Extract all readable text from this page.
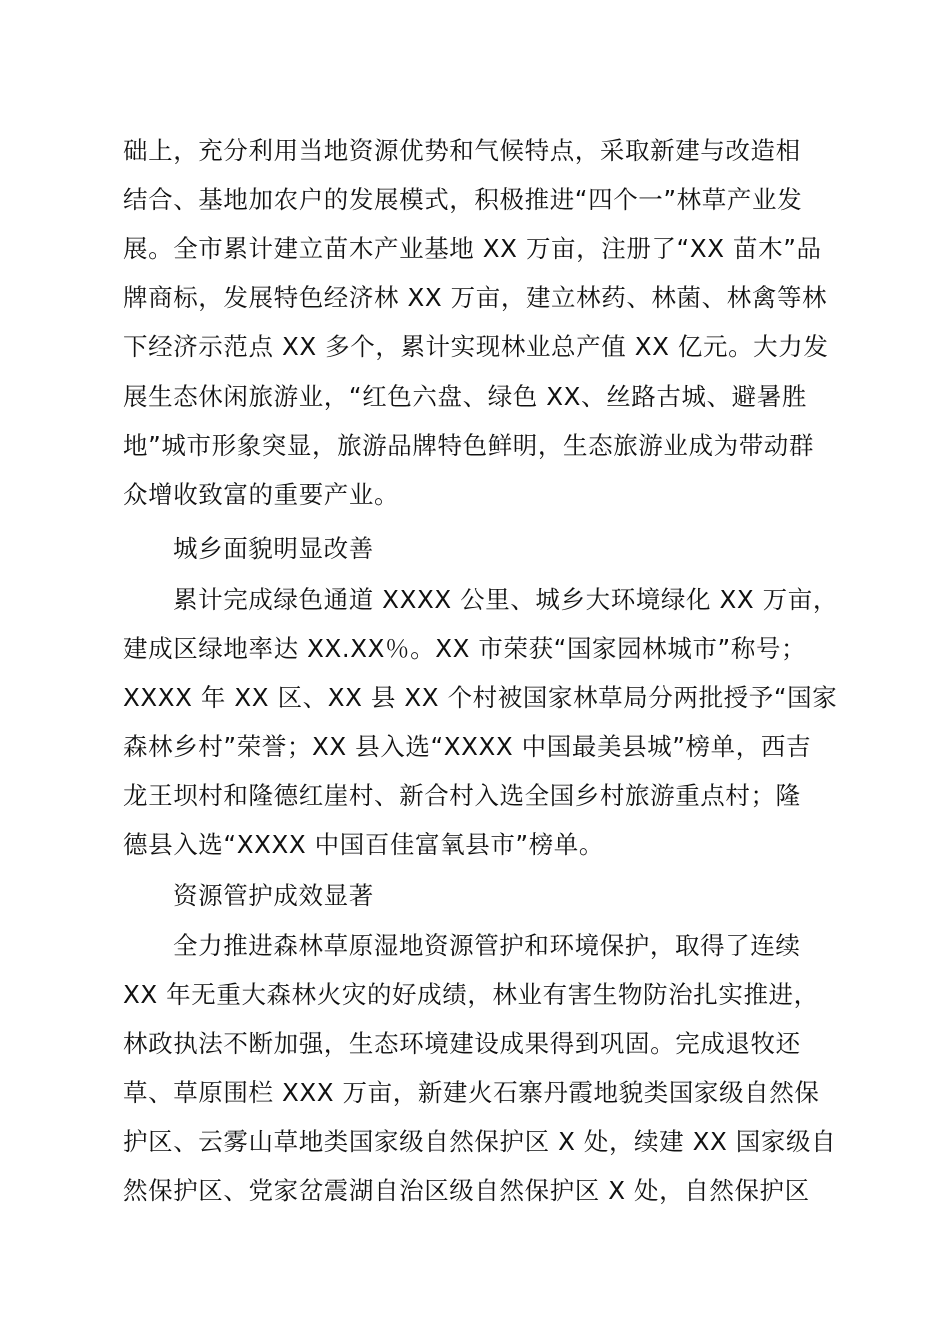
础上，充分利用当地资源优势和气候特点，采取新建与改造相
结合、基地加农户的发展模式，积极推进“四个一”林草产业发
展。全市累计建立苗木产业基地 XX 万亩，注册了“XX 苗木”品
牌商标，发展特色经济林 XX 万亩，建立林药、林菌、林禽等林
下经济示范点 XX 多个，累计实现林业总产值 XX 亿元。大力发
展生态休闲旅游业，“红色六盘、绿色 XX、丝路古城、避暑胜
地”城市形象突显，旅游品牌特色鲜明，生态旅游业成为带动群
众增收致富的重要产业。
城乡面貌明显改善
累计完成绿色通道 XXXX 公里、城乡大环境绿化 XX 万亩，
建成区绿地率达 XX.XX％。XX 市荣获“国家园林城市”称号；
XXXX 年 XX 区、XX 县 XX 个村被国家林草局分两批授予“国家
森林乡村”荣誉；XX 县入选“XXXX 中国最美县城”榜单，西吉
龙王坝村和隆德红崖村、新合村入选全国乡村旅游重点村；隆
德县入选“XXXX 中国百佳富氧县市”榜单。
资源管护成效显著
全力推进森林草原湿地资源管护和环境保护，取得了连续
XX 年无重大森林火灾的好成绩，林业有害生物防治扎实推进，
林政执法不断加强，生态环境建设成果得到巩固。完成退牧还
草、草原围栏 XXX 万亩，新建火石寨丹霞地貌类国家级自然保
护区、云雾山草地类国家级自然保护区 X 处，续建 XX 国家级自
然保护区、党家岔震湖自治区级自然保护区 X 处，自然保护区
